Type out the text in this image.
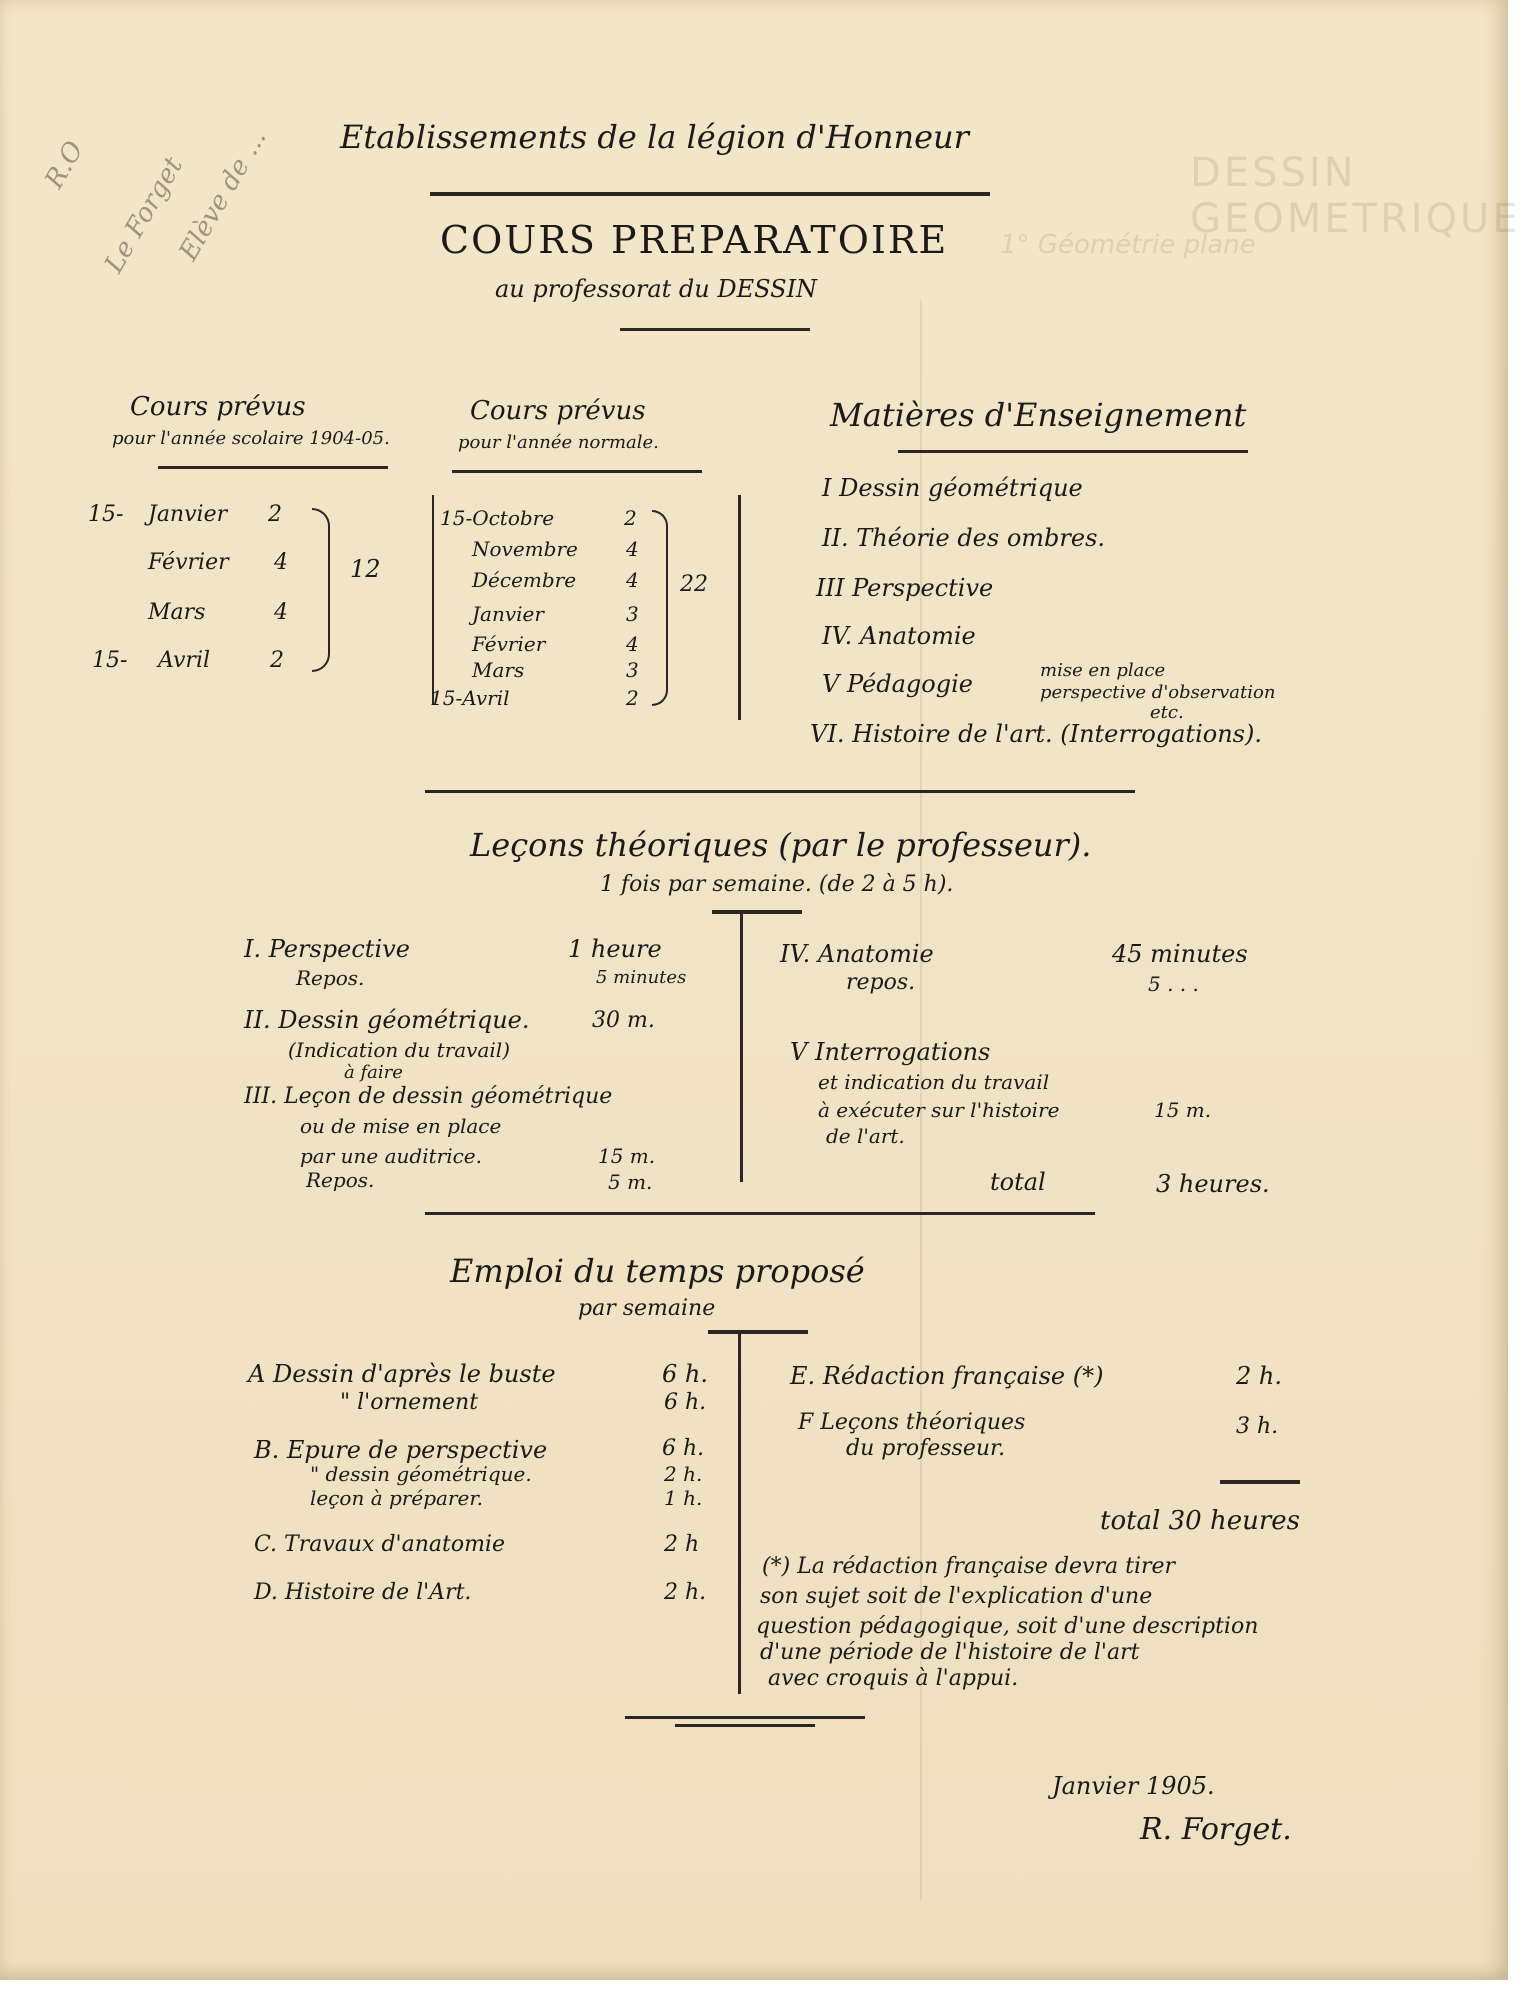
DESSIN GEOMETRIQUE
1° Géométrie plane
R.O Le Forget
Elève de ... Etablissements de la légion d'Honneur
COURS PREPARATOIRE
au professorat du DESSIN
Cours prévus
pour l'année scolaire 1904-05.
15- Janvier 2
Février 4
Mars	4
15- Avril	2
12
Cours prévus
pour l'année normale.
15-Octobre	2
Novembre 4
Décembre 4
Janvier	3
Février	4
Mars	3
15-Avril	2
22
Matières d'Enseignement
I Dessin géométrique
II. Théorie des ombres.
III Perspective
IV. Anatomie
V Pédagogie
VI. Histoire de l'art. (Interrogations).
mise en place
perspective d'observation
etc.
Leçons théoriques (par le professeur).
1 fois par semaine. (de 2 à 5 h).
I. Perspective	1 heure
Repos.	5 minutes
II. Dessin géométrique.	30 m.
(Indication du travail)
à faire
III. Leçon de dessin géométrique
ou de mise en place
par une auditrice.	15 m.
Repos.	5 m.
IV. Anatomie	45 minutes
repos.	5 . . .
V Interrogations
et indication du travail
à exécuter sur l'histoire	15 m.
de l'art.
total	3 heures.
Emploi du temps proposé
par semaine
A Dessin d'après le buste	6 h.
" l'ornement	6 h.
B. Epure de perspective	6 h.
" dessin géométrique.	2 h.
leçon à préparer.	1 h.
C. Travaux d'anatomie	2 h
D. Histoire de l'Art.	2 h.
E. Rédaction française (*)	2 h.
F Leçons théoriques	3 h.
du professeur.
total 30 heures
(*) La rédaction française devra tirer
son sujet soit de l'explication d'une
question pédagogique, soit d'une description
d'une période de l'histoire de l'art
avec croquis à l'appui.
Janvier 1905.
R. Forget.
